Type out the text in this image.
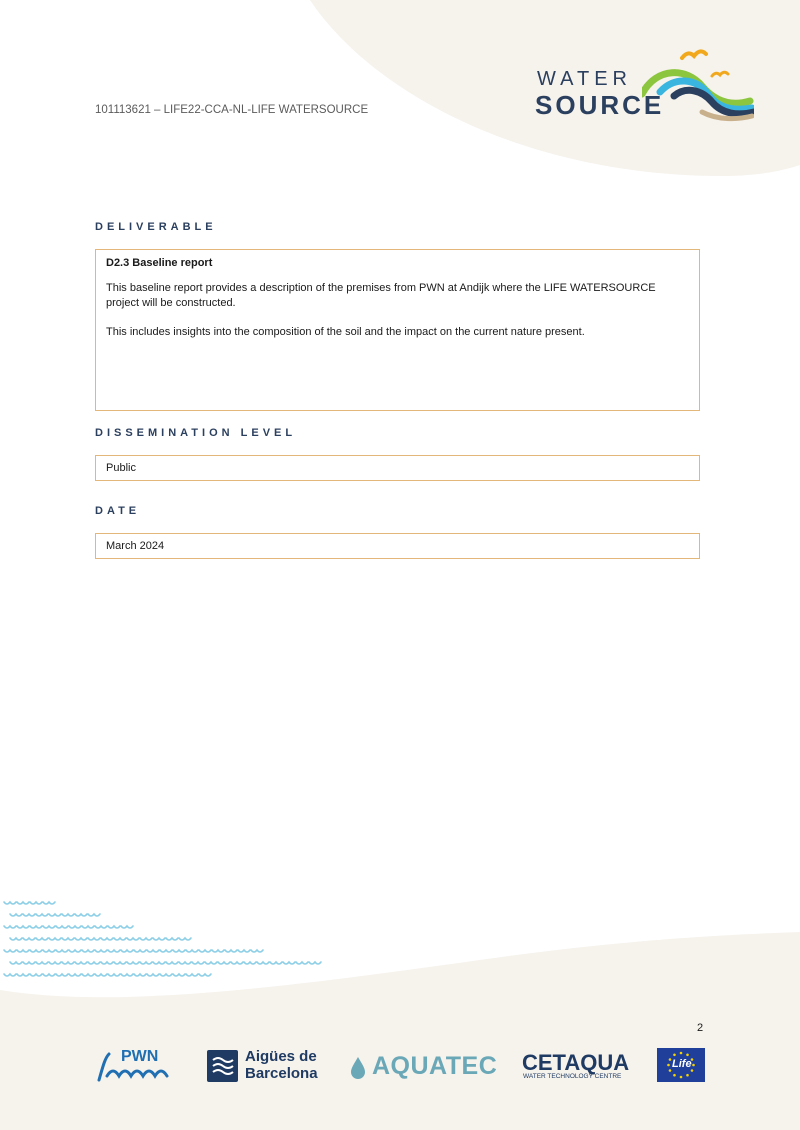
101113621 – LIFE22-CCA-NL-LIFE WATERSOURCE
WATER
SOURCE
DELIVERABLE
D2.3 Baseline report

This baseline report provides a description of the premises from PWN at Andijk where the LIFE WATERSOURCE project will be constructed.

This includes insights into the composition of the soil and the impact on the current nature present.

DISSEMINATION LEVEL
Public
DATE
March 2024
2
PWN	Aigües de
Barcelona AQUATEC CETAQUA
WATER TECHNOLOGY CENTRE
Life
